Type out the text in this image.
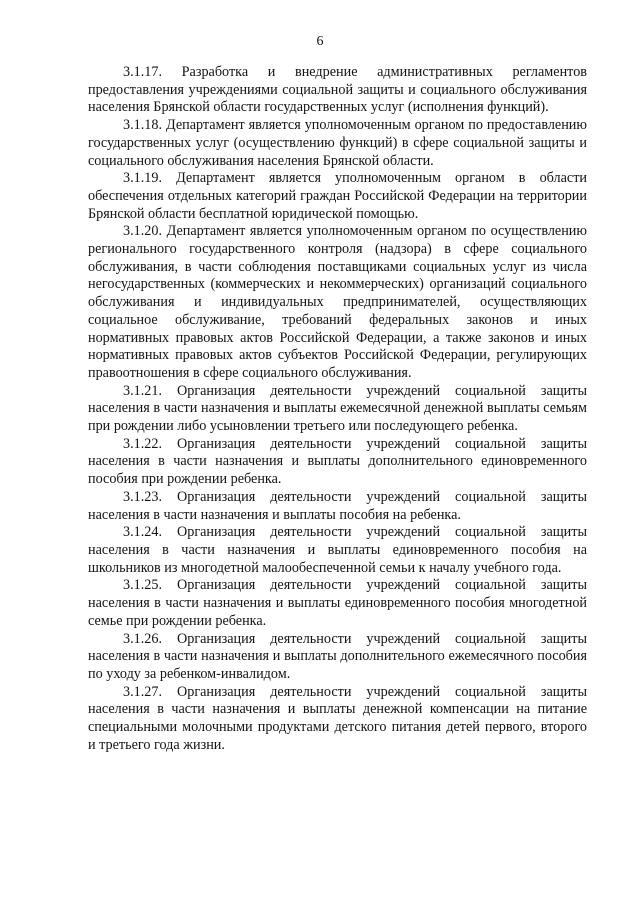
6

3.1.17. Разработка и внедрение административных регламентов предоставления учреждениями социальной защиты и социального обслуживания населения Брянской области государственных услуг (исполнения функций).

3.1.18. Департамент является уполномоченным органом по предоставлению государственных услуг (осуществлению функций) в сфере социальной защиты и социального обслуживания населения Брянской области.

3.1.19. Департамент является уполномоченным органом в области обеспечения отдельных категорий граждан Российской Федерации на территории Брянской области бесплатной юридической помощью.

3.1.20. Департамент является уполномоченным органом по осуществлению регионального государственного контроля (надзора) в сфере социального обслуживания, в части соблюдения поставщиками социальных услуг из числа негосударственных (коммерческих и некоммерческих) организаций социального обслуживания и индивидуальных предпринимателей, осуществляющих социальное обслуживание, требований федеральных законов и иных нормативных правовых актов Российской Федерации, а также законов и иных нормативных правовых актов субъектов Российской Федерации, регулирующих правоотношения в сфере социального обслуживания.

3.1.21. Организация деятельности учреждений социальной защиты населения в части назначения и выплаты ежемесячной денежной выплаты семьям при рождении либо усыновлении третьего или последующего ребенка.

3.1.22. Организация деятельности учреждений социальной защиты населения в части назначения и выплаты дополнительного единовременного пособия при рождении ребенка.

3.1.23. Организация деятельности учреждений социальной защиты населения в части назначения и выплаты пособия на ребенка.

3.1.24. Организация деятельности учреждений социальной защиты населения в части назначения и выплаты единовременного пособия на школьников из многодетной малообеспеченной семьи к началу учебного года.

3.1.25. Организация деятельности учреждений социальной защиты населения в части назначения и выплаты единовременного пособия многодетной семье при рождении ребенка.

3.1.26. Организация деятельности учреждений социальной защиты населения в части назначения и выплаты дополнительного ежемесячного пособия по уходу за ребенком-инвалидом.

3.1.27. Организация деятельности учреждений социальной защиты населения в части назначения и выплаты денежной компенсации на питание специальными молочными продуктами детского питания детей первого, второго и третьего года жизни.
